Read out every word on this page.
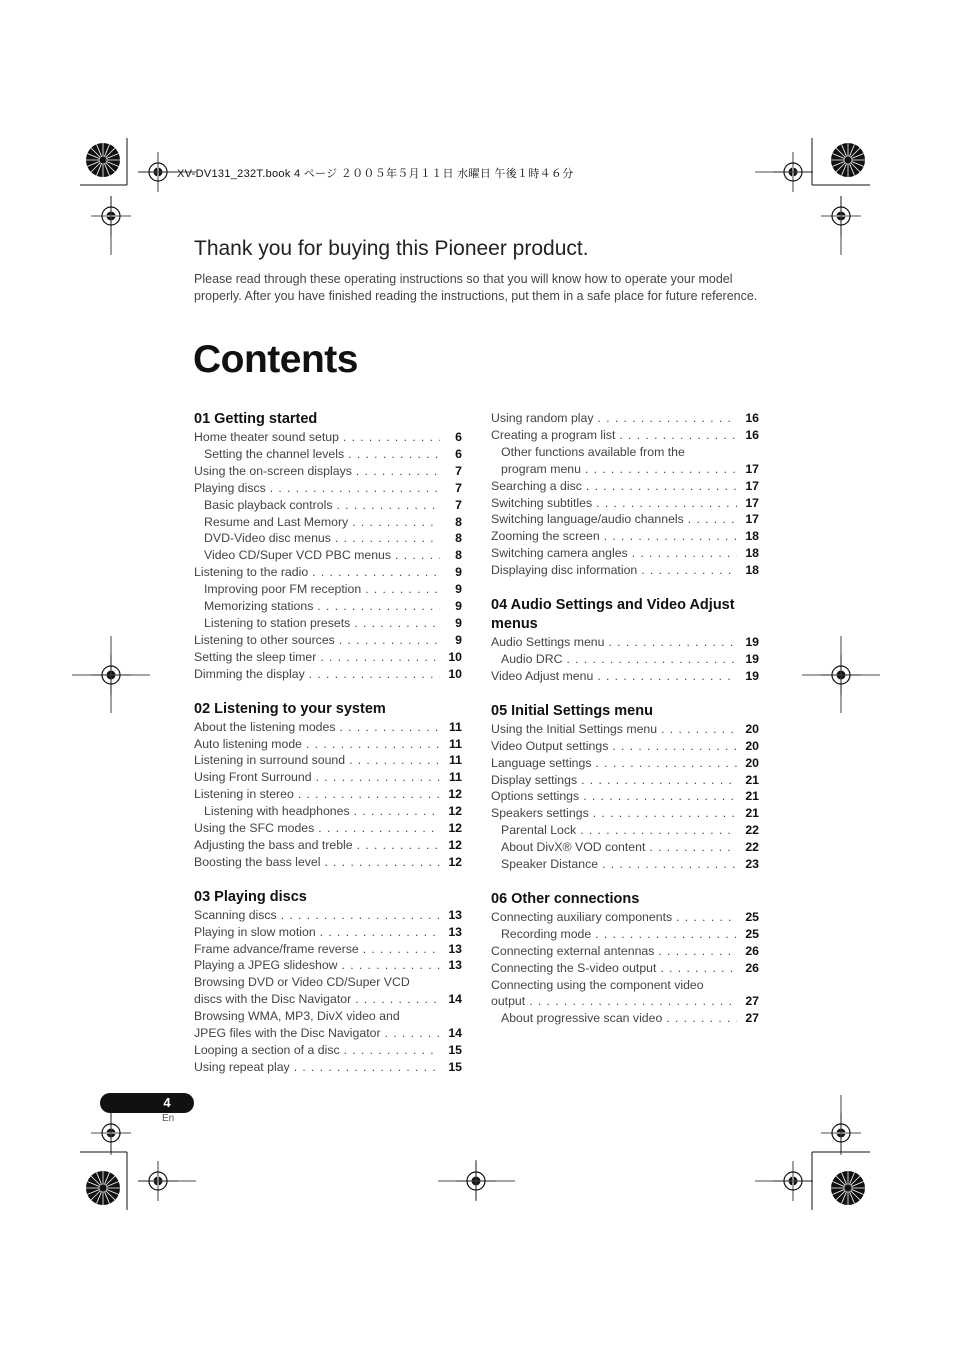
XV-DV131_232T.book 4 ページ ２００５年５月１１日 水曜日 午後１時４６分
Thank you for buying this Pioneer product.
Please read through these operating instructions so that you will know how to operate your model properly. After you have finished reading the instructions, put them in a safe place for future reference.
Contents
01 Getting started
Home theater sound setup . . .	6
Setting the channel levels . . .	6
Using the on-screen displays . . .	7
Playing discs . . .	7
Basic playback controls . . .	7
Resume and Last Memory . . .	8
DVD-Video disc menus . . .	8
Video CD/Super VCD PBC menus . . .	8
Listening to the radio . . .	9
Improving poor FM reception . . .	9
Memorizing stations . . .	9
Listening to station presets . . .	9
Listening to other sources . . .	9
Setting the sleep timer . . .	10
Dimming the display . . .	10
02 Listening to your system
About the listening modes . . .	11
Auto listening mode . . .	11
Listening in surround sound . . .	11
Using Front Surround . . .	11
Listening in stereo . . .	12
Listening with headphones . . .	12
Using the SFC modes . . .	12
Adjusting the bass and treble . . .	12
Boosting the bass level . . .	12
03 Playing discs
Scanning discs . . .	13
Playing in slow motion . . .	13
Frame advance/frame reverse . . .	13
Playing a JPEG slideshow . . .	13
Browsing DVD or Video CD/Super VCD
discs with the Disc Navigator . . .	14
Browsing WMA, MP3, DivX video and
JPEG files with the Disc Navigator . . .	14
Looping a section of a disc . . .	15
Using repeat play . . .	15
Using random play . . .	16
Creating a program list . . .	16
Other functions available from the
program menu . . .	17
Searching a disc . . .	17
Switching subtitles . . .	17
Switching language/audio channels . . .	17
Zooming the screen . . .	18
Switching camera angles . . .	18
Displaying disc information . . .	18
04 Audio Settings and Video Adjust menus
Audio Settings menu . . .	19
Audio DRC . . .	19
Video Adjust menu . . .	19
05 Initial Settings menu
Using the Initial Settings menu . . .	20
Video Output settings . . .	20
Language settings . . .	20
Display settings . . .	21
Options settings . . .	21
Speakers settings . . .	21
Parental Lock . . .	22
About DivX® VOD content . . .	22
Speaker Distance . . .	23
06 Other connections
Connecting auxiliary components . . .	25
Recording mode . . .	25
Connecting external antennas . . .	26
Connecting the S-video output . . .	26
Connecting using the component video
output . . .	27
About progressive scan video . . .	27
4
En
